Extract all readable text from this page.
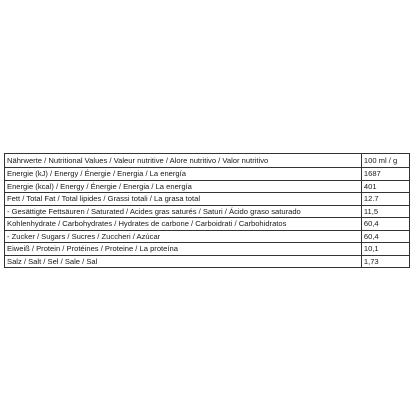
Nährwerte / Nutritional Values / Valeur nutritive / Alore nutritivo / Valor nutritivo	100 ml / g
Energie (kJ) / Energy / Énergie / Energia / La energía	1687
Energie (kcal) / Energy / Énergie / Energia / La energía	401
Fett / Total Fat / Total lipides / Grassi totali / La grasa total	12.7
- Gesättigte Fettsäuren / Saturated / Acides gras saturés / Saturi / Ácido graso saturado	11,5
Kohlenhydrate / Carbohydrates / Hydrates de carbone / Carboidrati / Carbohidratos	60,4
- Zucker / Sugars / Sucres / Zuccheri / Azúcar	60,4
Eiweiß / Protein / Protéines / Proteine / La proteína	10,1
Salz / Salt / Sel / Sale / Sal	1,73
